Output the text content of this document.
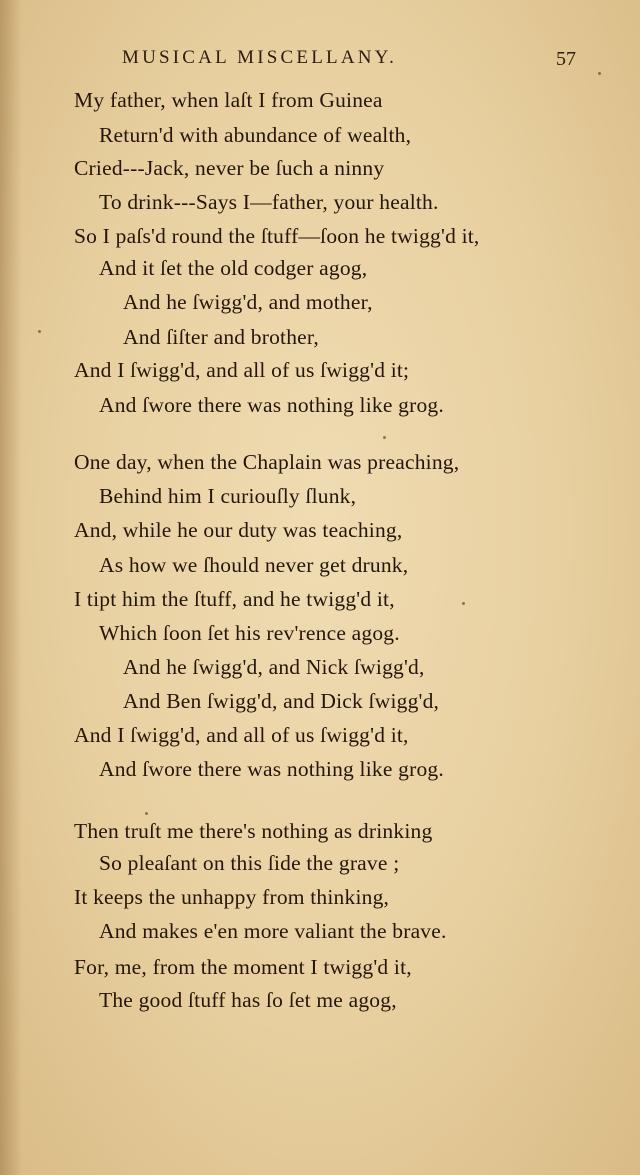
MUSICAL MISCELLANY.	57
My father, when laſt I from Guinea
Return'd with abundance of wealth,
Cried---Jack, never be ſuch a ninny
To drink---Says I—father, your health.
So I paſs'd round the ſtuff—ſoon he twigg'd it,
And it ſet the old codger agog,
And he ſwigg'd, and mother,
And ſiſter and brother,
And I ſwigg'd, and all of us ſwigg'd it;
And ſwore there was nothing like grog.
One day, when the Chaplain was preaching,
Behind him I curiouſly ſlunk,
And, while he our duty was teaching,
As how we ſhould never get drunk,
I tipt him the ſtuff, and he twigg'd it,
Which ſoon ſet his rev'rence agog.
And he ſwigg'd, and Nick ſwigg'd,
And Ben ſwigg'd, and Dick ſwigg'd,
And I ſwigg'd, and all of us ſwigg'd it,
And ſwore there was nothing like grog.
Then truſt me there's nothing as drinking
So pleaſant on this ſide the grave ;
It keeps the unhappy from thinking,
And makes e'en more valiant the brave.
For, me, from the moment I twigg'd it,
The good ſtuff has ſo ſet me agog,
